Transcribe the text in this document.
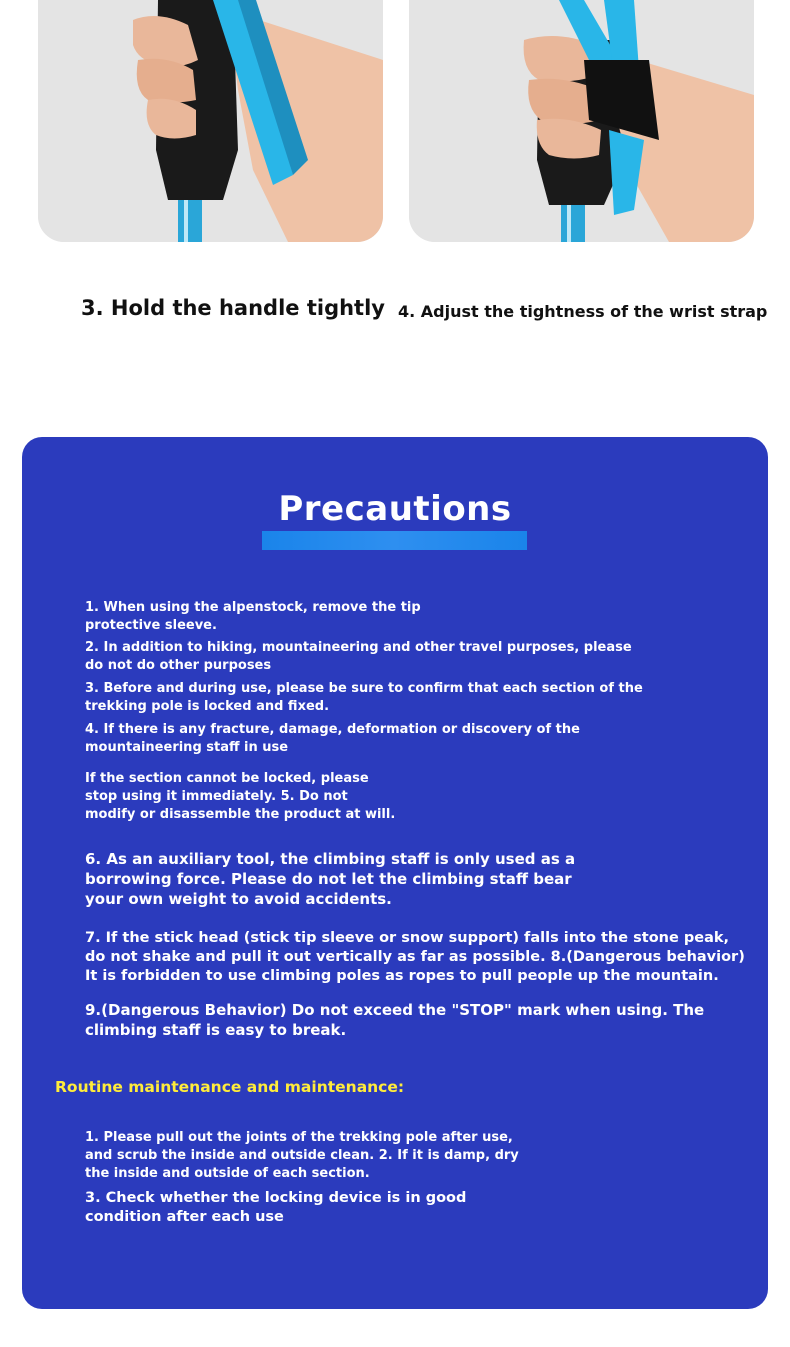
3. Hold the handle tightly 4. Adjust the tightness of the wrist strap
Precautions
1. When using the alpenstock, remove the tip
protective sleeve.
2. In addition to hiking, mountaineering and other travel purposes, please
do not do other purposes
3. Before and during use, please be sure to confirm that each section of the
trekking pole is locked and fixed.
4. If there is any fracture, damage, deformation or discovery of the
mountaineering staff in use
If the section cannot be locked, please
stop using it immediately. 5. Do not
modify or disassemble the product at will.
6. As an auxiliary tool, the climbing staff is only used as a
borrowing force. Please do not let the climbing staff bear
your own weight to avoid accidents.
7. If the stick head (stick tip sleeve or snow support) falls into the stone peak,
do not shake and pull it out vertically as far as possible. 8.(Dangerous behavior)
It is forbidden to use climbing poles as ropes to pull people up the mountain.
9.(Dangerous Behavior) Do not exceed the "STOP" mark when using. The
climbing staff is easy to break.
Routine maintenance and maintenance:
1. Please pull out the joints of the trekking pole after use,
and scrub the inside and outside clean. 2. If it is damp, dry
the inside and outside of each section.
3. Check whether the locking device is in good
condition after each use
